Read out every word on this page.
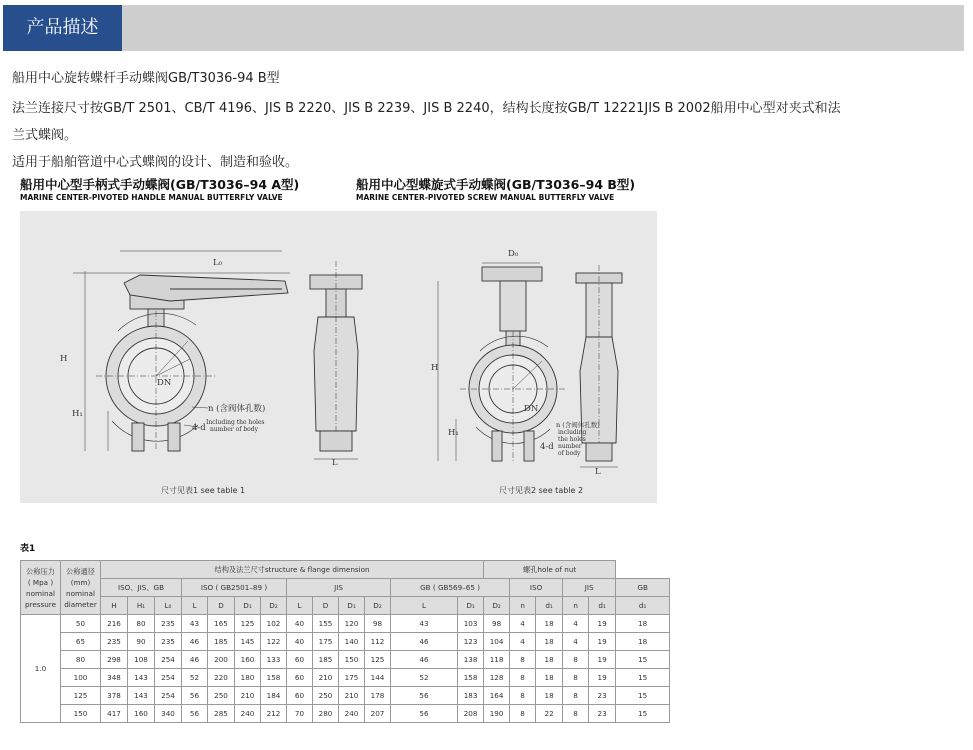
产品描述
船用中心旋转蝶杆手动蝶阀GB/T3036-94 B型
法兰连接尺寸按GB/T 2501、CB/T 4196、JIS B 2220、JIS B 2239、JIS B 2240，结构长度按GB/T 12221JIS B 2002船用中心型对夹式和法
兰式蝶阀。
适用于船舶管道中心式蝶阀的设计、制造和验收。
船用中心型手柄式手动蝶阀(GB/T3036–94 A型)
MARINE CENTER-PIVOTED HANDLE MANUAL BUTTERFLY VALVE
船用中心型蝶旋式手动蝶阀(GB/T3036–94 B型)
MARINE CENTER-PIVOTED SCREW MANUAL BUTTERFLY VALVE
L₀
D₀
H
H₁
H
H₁
DN
DN
L
L
n (含阀体孔数)
Including the holes
number of body
4-d	n (含阀体孔数)
including
the holes
number
of body
4-d
尺寸见表1 see table 1	尺寸见表2 see table 2
表1
公称压力
( Mpa )
nominal
pressure	公称通径
(mm)
nominal
diameter	结构及法兰尺寸structure & flange dimension													螺孔hole of nut					
		ISO、JIS、GB			ISO ( GB2501–89 )				JIS				GB ( GB569–65 )			ISO		JIS		GB
		H	H₁	L₀	L	D	D₁	D₂	L	D	D₁	D₂	L	D₁	D₂	n	d₁	n	d₁	d₁
1.0	50	216	80	235	43	165	125	102	40	155	120	98	43	103	98	4	18	4	19	18
	65	235	90	235	46	185	145	122	40	175	140	112	46	123	104	4	18	4	19	18
	80	298	108	254	46	200	160	133	60	185	150	125	46	138	118	8	18	8	19	15
	100	348	143	254	52	220	180	158	60	210	175	144	52	158	128	8	18	8	19	15
	125	378	143	254	56	250	210	184	60	250	210	178	56	183	164	8	18	8	23	15
	150	417	160	340	56	285	240	212	70	280	240	207	56	208	190	8	22	8	23	15
